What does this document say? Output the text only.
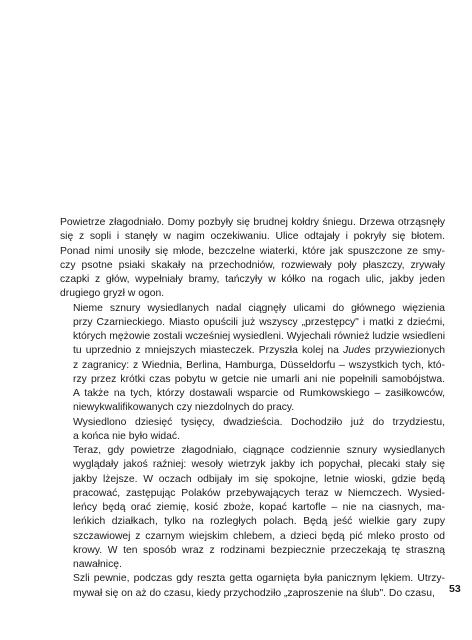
Powietrze złagodniało. Domy pozbyły się brudnej kołdry śniegu. Drzewa otrząsnęły
się z sopli i stanęły w nagim oczekiwaniu. Ulice odtajały i pokryły się błotem.
Ponad nimi unosiły się młode, bezczelne wiaterki, które jak spuszczone ze smy-
czy psotne psiaki skakały na przechodniów, rozwiewały poły płaszczy, zrywały
czapki z głów, wypełniały bramy, tańczyły w kółko na rogach ulic, jakby jeden
drugiego gryzł w ogon.

Nieme sznury wysiedlanych nadal ciągnęły ulicami do głównego więzienia
przy Czarnieckiego. Miasto opuścili już wszyscy „przestępcy" i matki z dziećmi,
których mężowie zostali wcześniej wysiedleni. Wyjechali również ludzie wsiedleni
tu uprzednio z mniejszych miasteczek. Przyszła kolej na Judes przywiezionych
z zagranicy: z Wiednia, Berlina, Hamburga, Düsseldorfu – wszystkich tych, któ-
rzy przez krótki czas pobytu w getcie nie umarli ani nie popełnili samobójstwa.
A także na tych, którzy dostawali wsparcie od Rumkowskiego – zasiłkowców,
niewykwalifikowanych czy niezdolnych do pracy.

Wysiedlono dziesięć tysięcy, dwadzieścia. Dochodziło już do trzydziestu,
a końca nie było widać.

Teraz, gdy powietrze złagodniało, ciągnące codziennie sznury wysiedlanych
wyglądały jakoś raźniej: wesoły wietrzyk jakby ich popychał, plecaki stały się
jakby lżejsze. W oczach odbijały im się spokojne, letnie wioski, gdzie będą
pracować, zastępując Polaków przebywających teraz w Niemczech. Wysied-
leńcy będą orać ziemię, kosić zboże, kopać kartofle – nie na ciasnych, ma-
leńkich działkach, tylko na rozległych polach. Będą jeść wielkie gary zupy
szczawiowej z czarnym wiejskim chlebem, a dzieci będą pić mleko prosto od
krowy. W ten sposób wraz z rodzinami bezpiecznie przeczekają tę straszną
nawałnicę.

Szli pewnie, podczas gdy reszta getta ogarnięta była panicznym lękiem. Utrzy-
mywał się on aż do czasu, kiedy przychodziło „zaproszenie na ślub". Do czasu,	53
